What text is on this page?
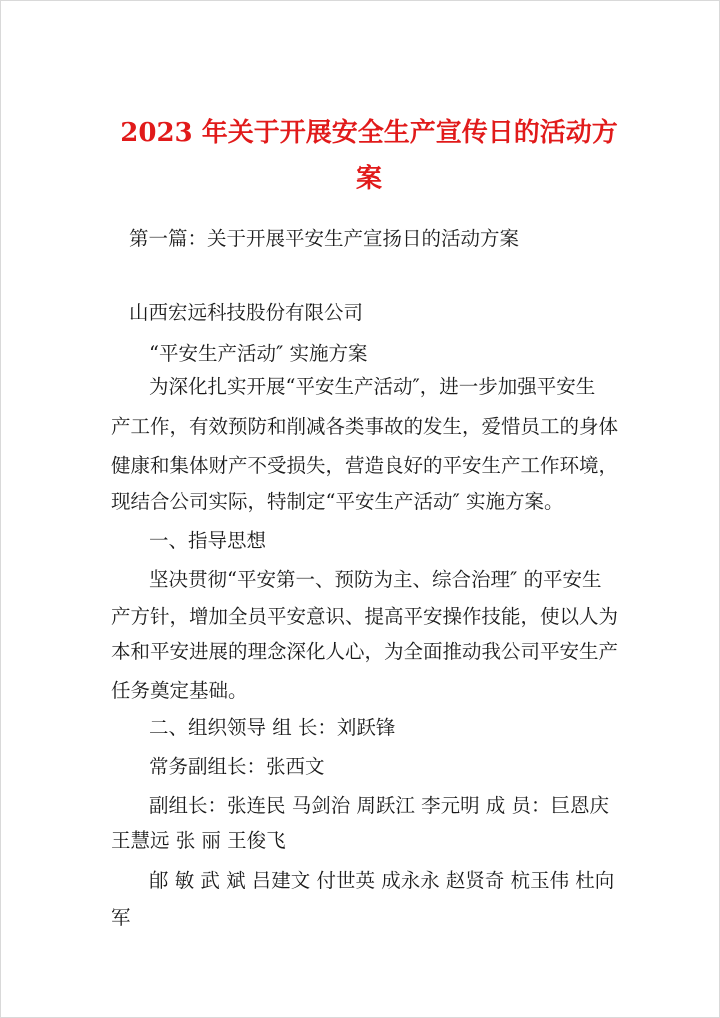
2023 年关于开展安全生产宣传日的活动方
案
第一篇：关于开展平安生产宣扬日的活动方案
山西宏远科技股份有限公司
“平安生产活动″ 实施方案
为深化扎实开展“平安生产活动″，进一步加强平安生
产工作，有效预防和削减各类事故的发生，爱惜员工的身体
健康和集体财产不受损失，营造良好的平安生产工作环境，
现结合公司实际，特制定“平安生产活动″ 实施方案。
一、指导思想
坚决贯彻“平安第一、预防为主、综合治理″ 的平安生
产方针，增加全员平安意识、提高平安操作技能，使以人为
本和平安进展的理念深化人心，为全面推动我公司平安生产
任务奠定基础。
二、组织领导 组 长：刘跃锋
常务副组长：张西文
副组长：张连民 马剑治 周跃江 李元明 成 员：巨恩庆
王慧远 张 丽 王俊飞
郋 敏 武 斌 吕建文 付世英 成永永 赵贤奇 杭玉伟 杜向
军
